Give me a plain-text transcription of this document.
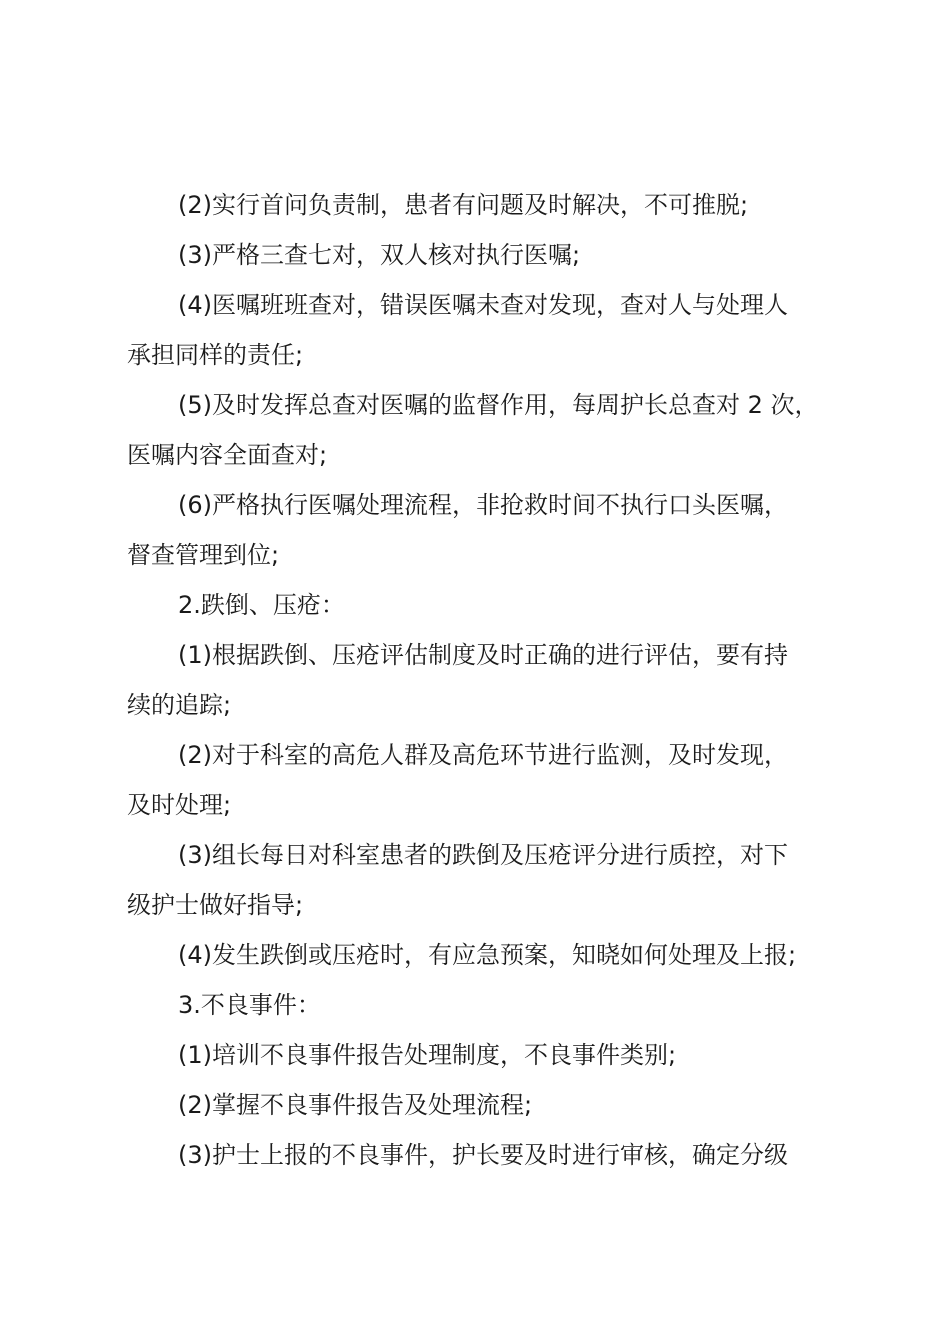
(2)实行首问负责制，患者有问题及时解决，不可推脱;
(3)严格三查七对，双人核对执行医嘱;
(4)医嘱班班查对，错误医嘱未查对发现，查对人与处理人
承担同样的责任;
(5)及时发挥总查对医嘱的监督作用，每周护长总查对 2 次，
医嘱内容全面查对;
(6)严格执行医嘱处理流程，非抢救时间不执行口头医嘱，
督查管理到位;
2.跌倒、压疮：
(1)根据跌倒、压疮评估制度及时正确的进行评估，要有持
续的追踪;
(2)对于科室的高危人群及高危环节进行监测，及时发现，
及时处理;
(3)组长每日对科室患者的跌倒及压疮评分进行质控，对下
级护士做好指导;
(4)发生跌倒或压疮时，有应急预案，知晓如何处理及上报;
3.不良事件：
(1)培训不良事件报告处理制度，不良事件类别;
(2)掌握不良事件报告及处理流程;
(3)护士上报的不良事件，护长要及时进行审核，确定分级
